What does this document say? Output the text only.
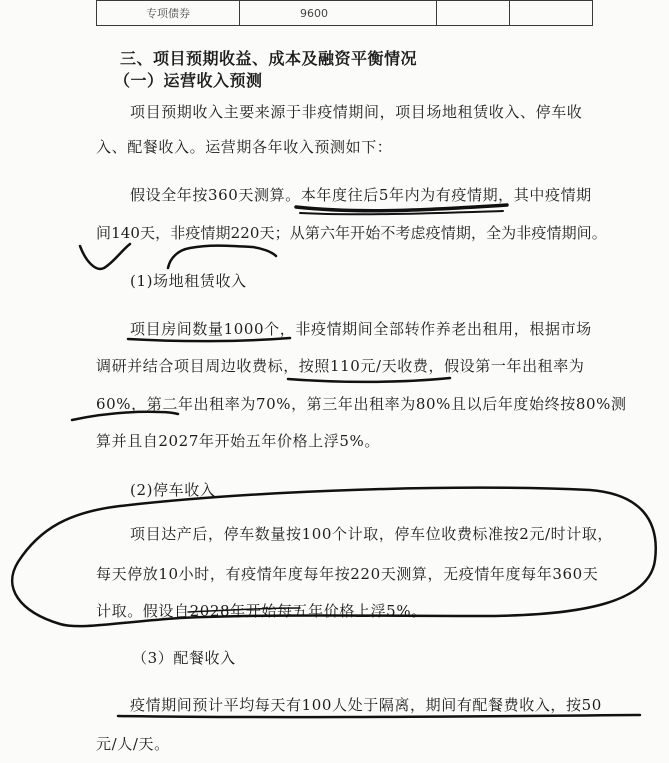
专项债券	9600		
三、项目预期收益、成本及融资平衡情况
（一）运营收入预测
项目预期收入主要来源于非疫情期间，项目场地租赁收入、停车收
入、配餐收入。运营期各年收入预测如下：
假设全年按360天测算。本年度往后5年内为有疫情期，其中疫情期
间140天，非疫情期220天；从第六年开始不考虑疫情期，全为非疫情期间。
(1)场地租赁收入
项目房间数量1000个，非疫情期间全部转作养老出租用，根据市场
调研并结合项目周边收费标，按照110元/天收费，假设第一年出租率为
60%，第二年出租率为70%，第三年出租率为80%且以后年度始终按80%测
算并且自2027年开始五年价格上浮5%。
(2)停车收入
项目达产后，停车数量按100个计取，停车位收费标准按2元/时计取，
每天停放10小时，有疫情年度每年按220天测算，无疫情年度每年360天
计取。假设自2028年开始每五年价格上浮5%。
（3）配餐收入
疫情期间预计平均每天有100人处于隔离，期间有配餐费收入，按50
元/人/天。
